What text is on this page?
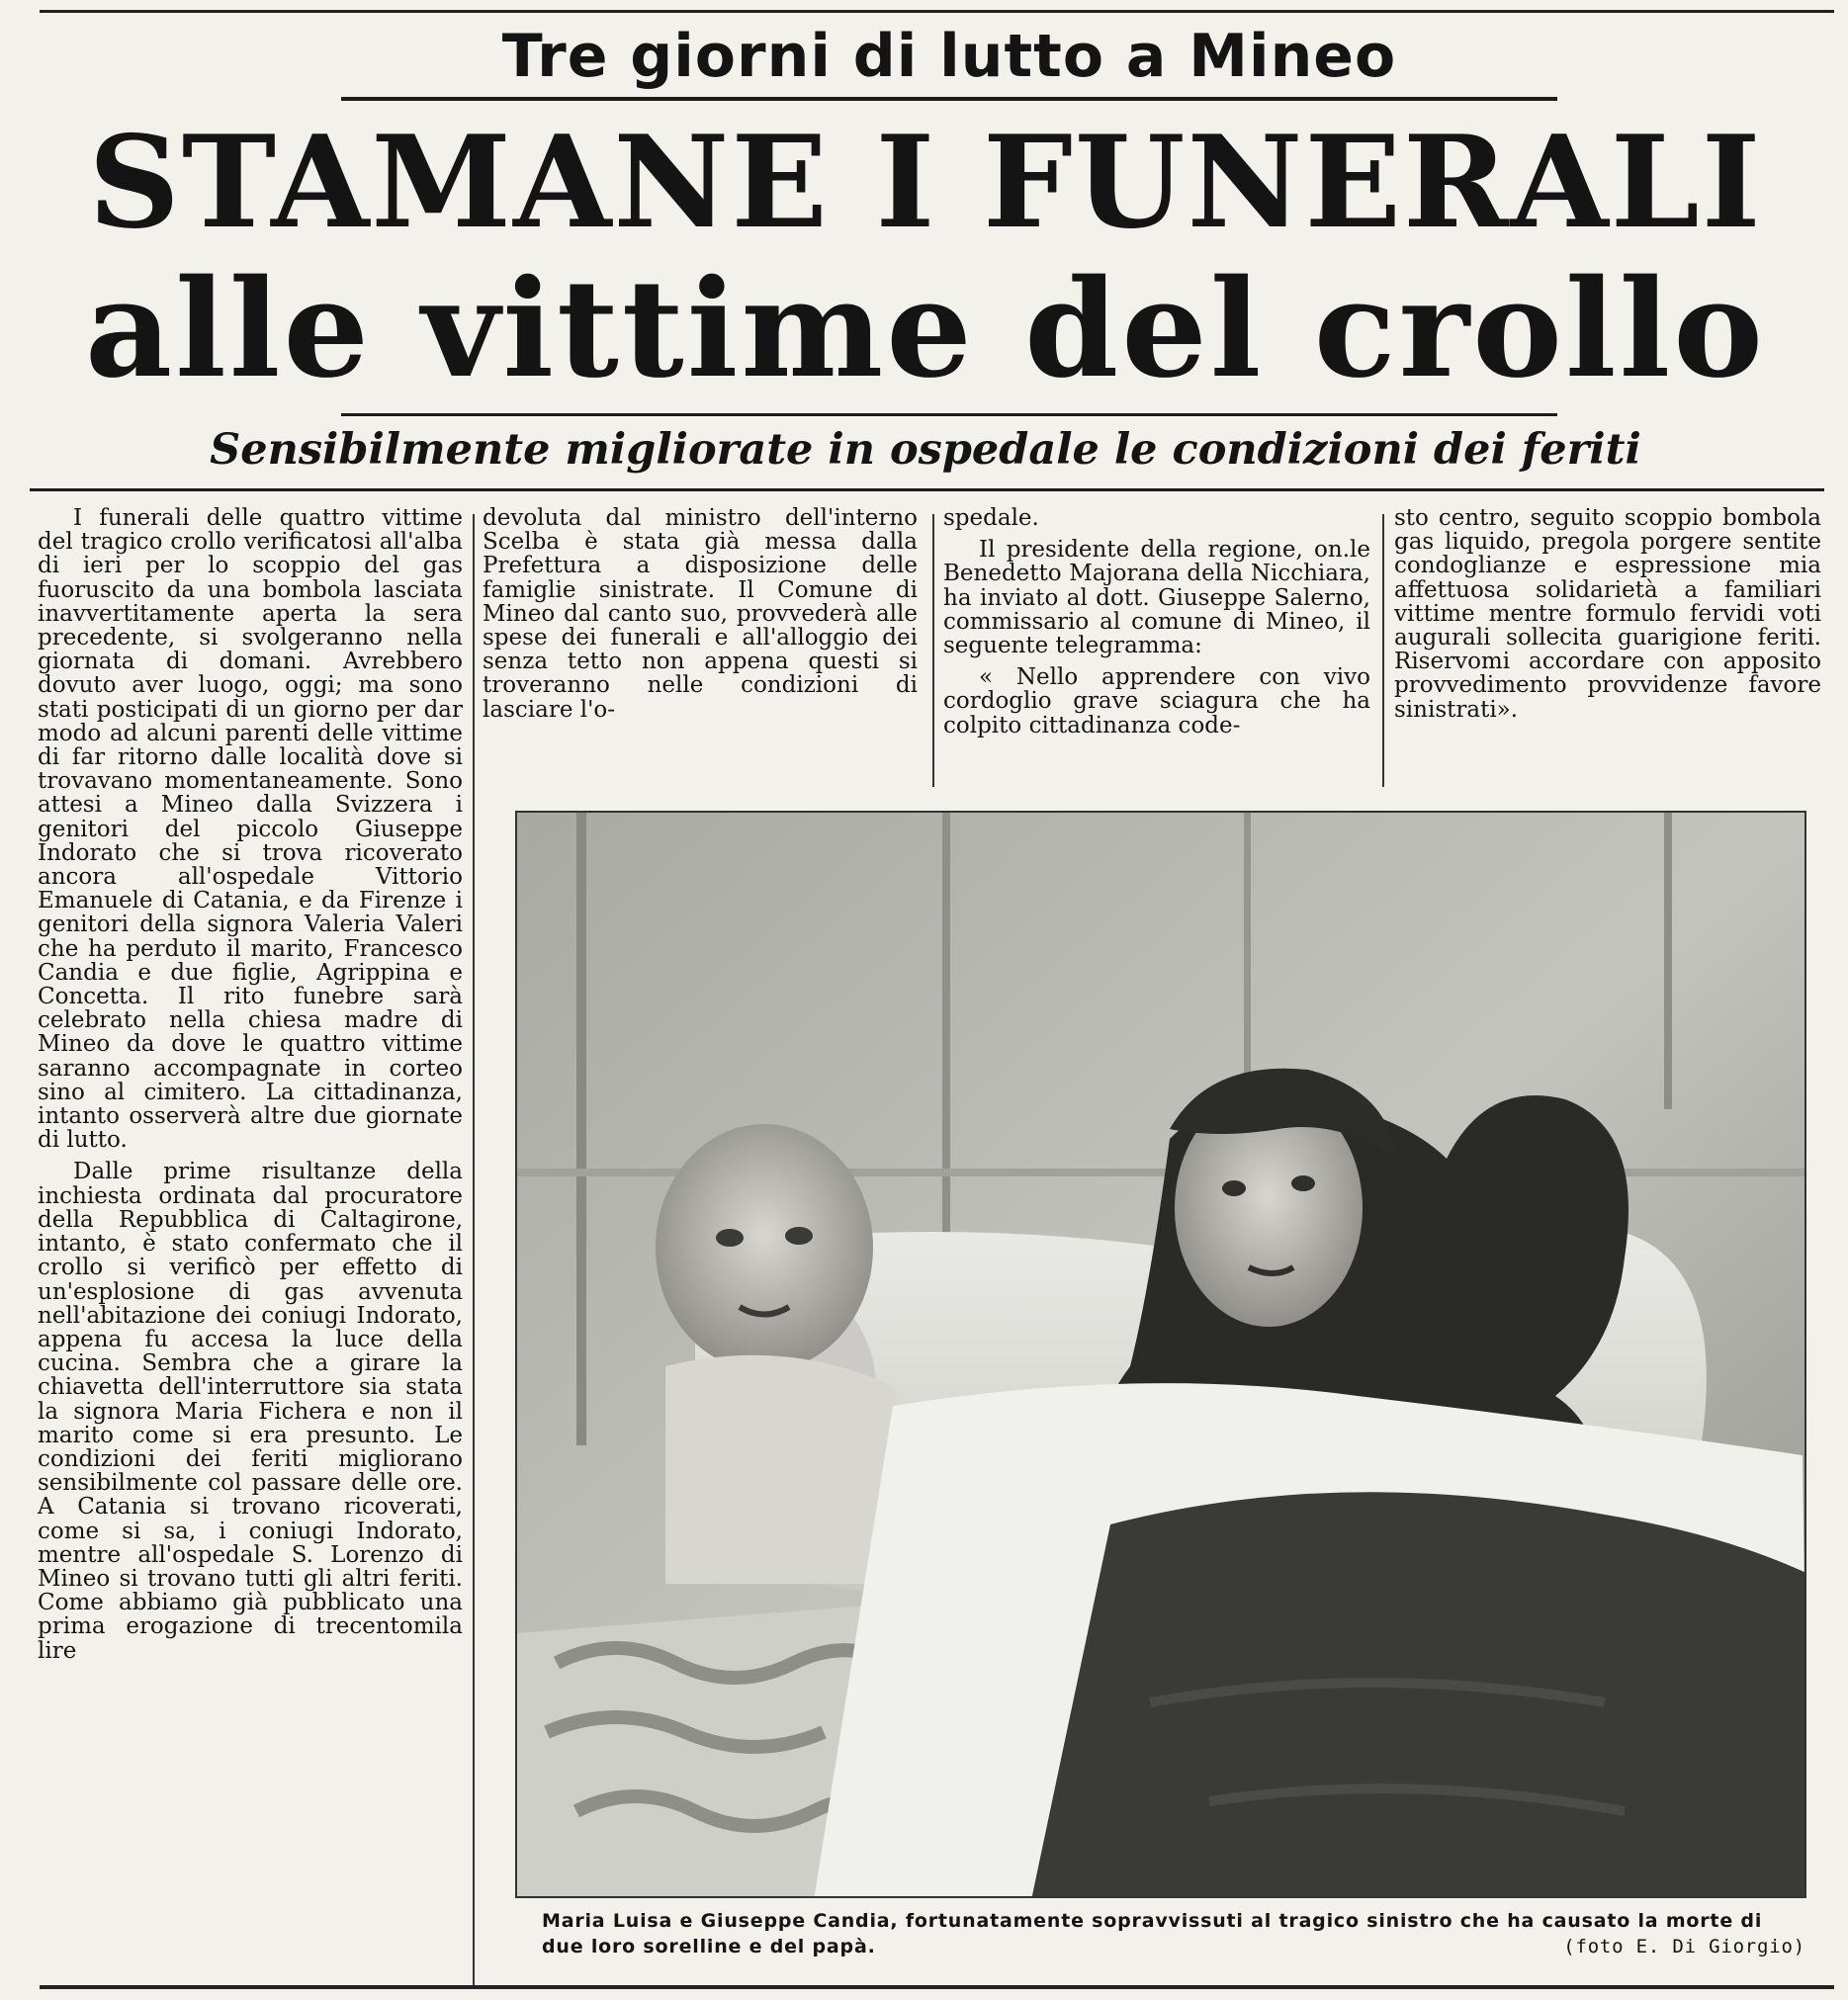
Tre giorni di lutto a Mineo
STAMANE I FUNERALI
alle vittime del crollo
Sensibilmente migliorate in ospedale le condizioni dei feriti

I funerali delle quattro vittime del tragico crollo verificatosi all'alba di ieri per lo scoppio del gas fuoruscito da una bombola lasciata inavvertitamente aperta la sera precedente, si svolgeranno nella giornata di domani. Avrebbero dovuto aver luogo, oggi; ma sono stati posticipati di un giorno per dar modo ad alcuni parenti delle vittime di far ritorno dalle località dove si trovavano momentaneamente. Sono attesi a Mineo dalla Svizzera i genitori del piccolo Giuseppe Indorato che si trova ricoverato ancora all'ospedale Vittorio Emanuele di Catania, e da Firenze i genitori della signora Valeria Valeri che ha perduto il marito, Francesco Candia e due figlie, Agrippina e Concetta. Il rito funebre sarà celebrato nella chiesa madre di Mineo da dove le quattro vittime saranno accompagnate in corteo sino al cimitero. La cittadinanza, intanto osserverà altre due giornate di lutto.

Dalle prime risultanze della inchiesta ordinata dal procuratore della Repubblica di Caltagirone, intanto, è stato confermato che il crollo si verificò per effetto di un'esplosione di gas avvenuta nell'abitazione dei coniugi Indorato, appena fu accesa la luce della cucina. Sembra che a girare la chiavetta dell'interruttore sia stata la signora Maria Fichera e non il marito come si era presunto. Le condizioni dei feriti migliorano sensibilmente col passare delle ore. A Catania si trovano ricoverati, come si sa, i coniugi Indorato, mentre all'ospedale S. Lorenzo di Mineo si trovano tutti gli altri feriti. Come abbiamo già pubblicato una prima erogazione di trecentomila lire

devoluta dal ministro dell'interno Scelba è stata già messa dalla Prefettura a disposizione delle famiglie sinistrate. Il Comune di Mineo dal canto suo, provvederà alle spese dei funerali e all'alloggio dei senza tetto non appena questi si troveranno nelle condizioni di lasciare l'o-

spedale.

Il presidente della regione, on.le Benedetto Majorana della Nicchiara, ha inviato al dott. Giuseppe Salerno, commissario al comune di Mineo, il seguente telegramma:

« Nello apprendere con vivo cordoglio grave sciagura che ha colpito cittadinanza code-

sto centro, seguito scoppio bombola gas liquido, pregola porgere sentite condoglianze e espressione mia affettuosa solidarietà a familiari vittime mentre formulo fervidi voti augurali sollecita guarigione feriti. Riservomi accordare con apposito provvedimento provvidenze favore sinistrati».

Maria Luisa e Giuseppe Candia, fortunatamente sopravvissuti al tragico sinistro che ha causato la morte di due loro sorelline e del papà.	(foto E. Di Giorgio)
